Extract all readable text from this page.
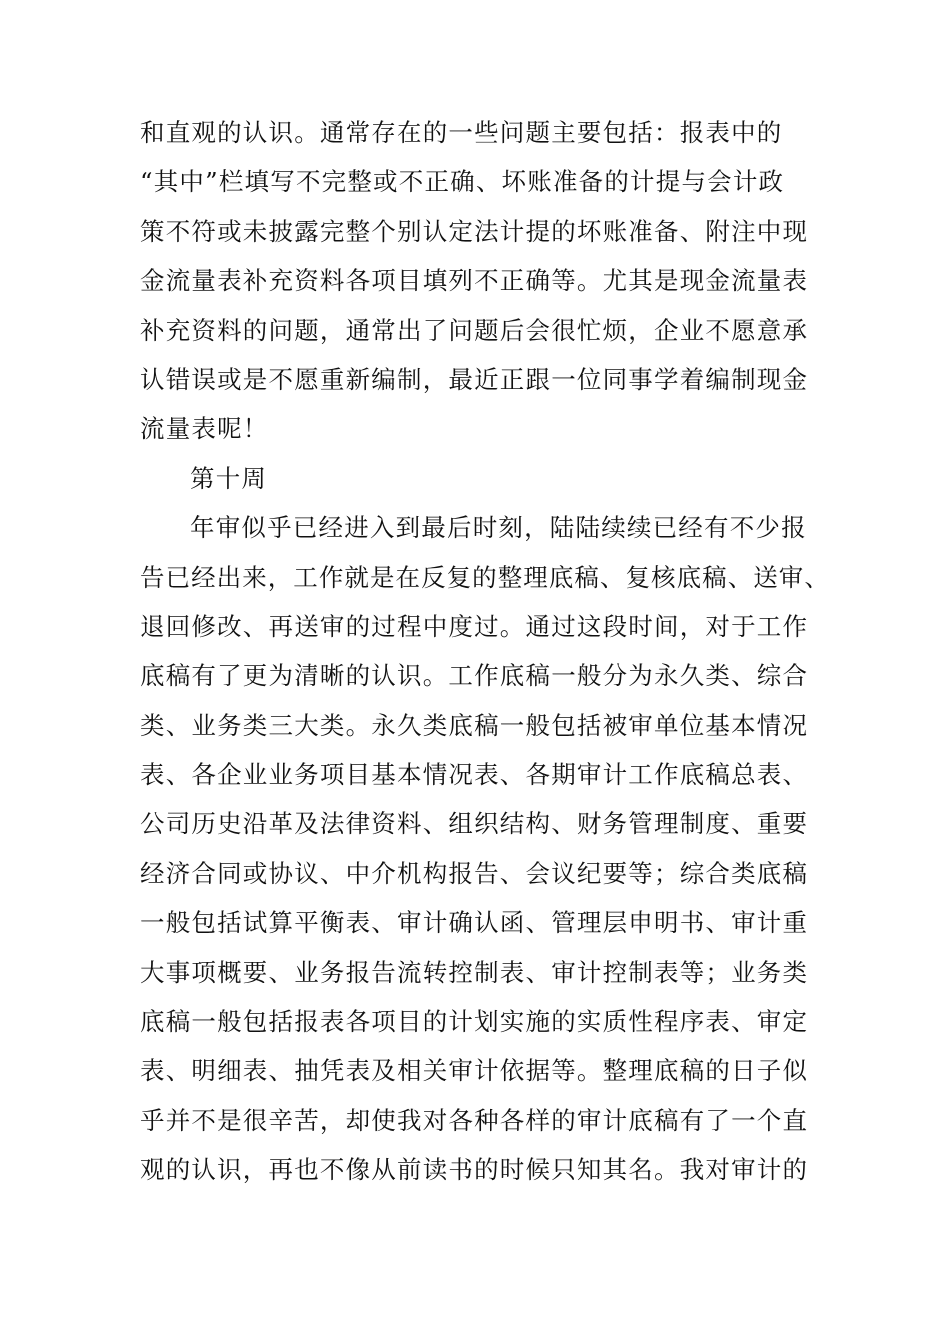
和直观的认识。通常存在的一些问题主要包括：报表中的
“其中”栏填写不完整或不正确、坏账准备的计提与会计政
策不符或未披露完整个别认定法计提的坏账准备、附注中现
金流量表补充资料各项目填列不正确等。尤其是现金流量表
补充资料的问题，通常出了问题后会很忙烦，企业不愿意承
认错误或是不愿重新编制，最近正跟一位同事学着编制现金
流量表呢！
第十周
年审似乎已经进入到最后时刻，陆陆续续已经有不少报
告已经出来，工作就是在反复的整理底稿、复核底稿、送审、
退回修改、再送审的过程中度过。通过这段时间，对于工作
底稿有了更为清晰的认识。工作底稿一般分为永久类、综合
类、业务类三大类。永久类底稿一般包括被审单位基本情况
表、各企业业务项目基本情况表、各期审计工作底稿总表、
公司历史沿革及法律资料、组织结构、财务管理制度、重要
经济合同或协议、中介机构报告、会议纪要等；综合类底稿
一般包括试算平衡表、审计确认函、管理层申明书、审计重
大事项概要、业务报告流转控制表、审计控制表等；业务类
底稿一般包括报表各项目的计划实施的实质性程序表、审定
表、明细表、抽凭表及相关审计依据等。整理底稿的日子似
乎并不是很辛苦，却使我对各种各样的审计底稿有了一个直
观的认识，再也不像从前读书的时候只知其名。我对审计的
